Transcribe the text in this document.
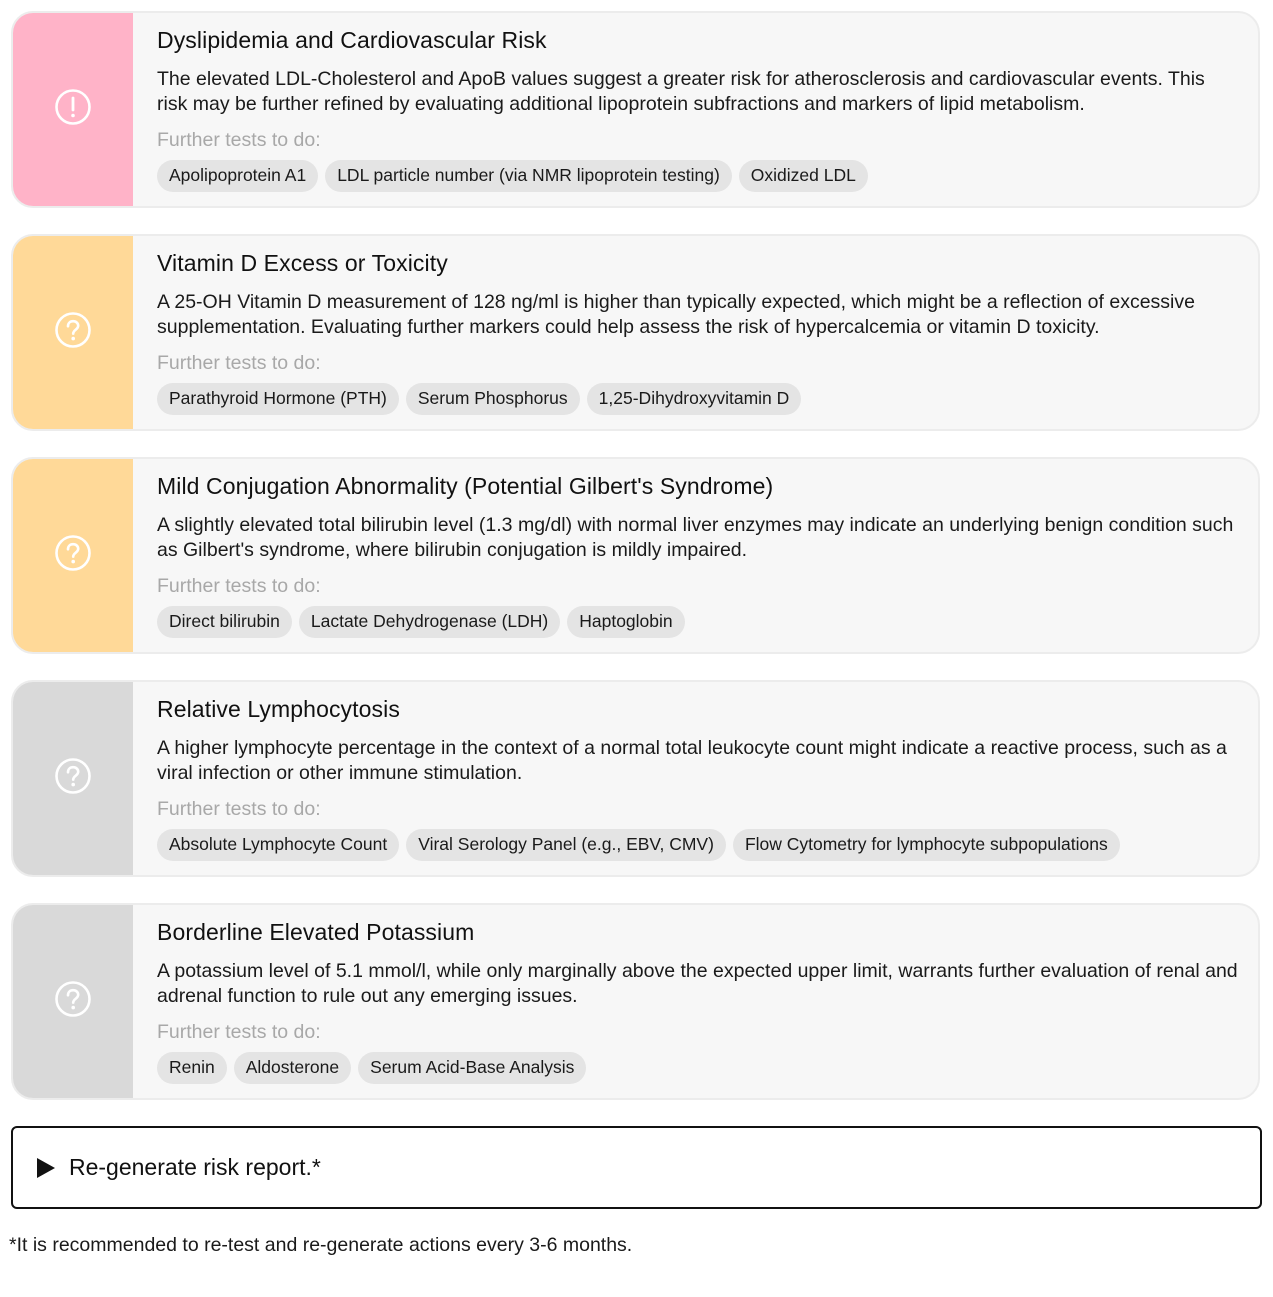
Dyslipidemia and Cardiovascular Risk

The elevated LDL-Cholesterol and ApoB values suggest a greater risk for atherosclerosis and cardiovascular events. This risk may be further refined by evaluating additional lipoprotein subfractions and markers of lipid metabolism.

Further tests to do:

Apolipoprotein A1	LDL particle number (via NMR lipoprotein testing)	Oxidized LDL
Vitamin D Excess or Toxicity

A 25-OH Vitamin D measurement of 128 ng/ml is higher than typically expected, which might be a reflection of excessive supplementation. Evaluating further markers could help assess the risk of hypercalcemia or vitamin D toxicity.

Further tests to do:

Parathyroid Hormone (PTH)	Serum Phosphorus	1,25-Dihydroxyvitamin D
Mild Conjugation Abnormality (Potential Gilbert's Syndrome)

A slightly elevated total bilirubin level (1.3 mg/dl) with normal liver enzymes may indicate an underlying benign condition such as Gilbert's syndrome, where bilirubin conjugation is mildly impaired.

Further tests to do:

Direct bilirubin	Lactate Dehydrogenase (LDH)	Haptoglobin
Relative Lymphocytosis

A higher lymphocyte percentage in the context of a normal total leukocyte count might indicate a reactive process, such as a viral infection or other immune stimulation.

Further tests to do:

Absolute Lymphocyte Count	Viral Serology Panel (e.g., EBV, CMV)	Flow Cytometry for lymphocyte subpopulations
Borderline Elevated Potassium

A potassium level of 5.1 mmol/l, while only marginally above the expected upper limit, warrants further evaluation of renal and adrenal function to rule out any emerging issues.

Further tests to do:

Renin	Aldosterone	Serum Acid-Base Analysis
Re-generate risk report.*
*It is recommended to re-test and re-generate actions every 3-6 months.
